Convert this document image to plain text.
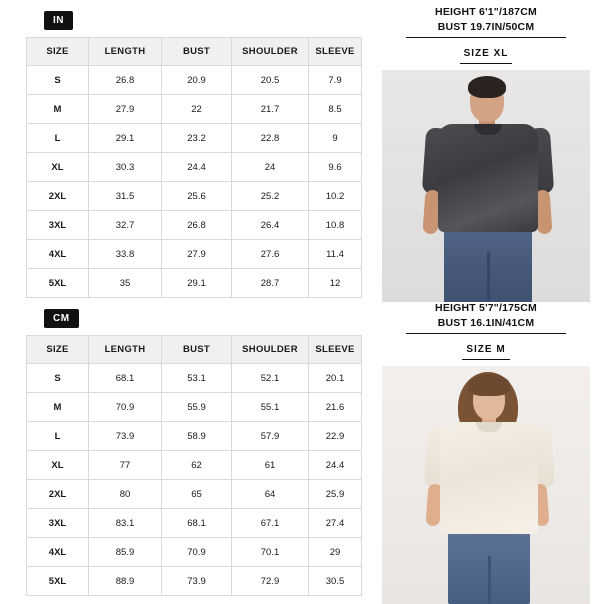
IN
SIZE	LENGTH	BUST	SHOULDER	SLEEVE
S	26.8	20.9	20.5	7.9
M	27.9	22	21.7	8.5
L	29.1	23.2	22.8	9
XL	30.3	24.4	24	9.6
2XL	31.5	25.6	25.2	10.2
3XL	32.7	26.8	26.4	10.8
4XL	33.8	27.9	27.6	11.4
5XL	35	29.1	28.7	12
CM
SIZE	LENGTH	BUST	SHOULDER	SLEEVE
S	68.1	53.1	52.1	20.1
M	70.9	55.9	55.1	21.6
L	73.9	58.9	57.9	22.9
XL	77	62	61	24.4
2XL	80	65	64	25.9
3XL	83.1	68.1	67.1	27.4
4XL	85.9	70.9	70.1	29
5XL	88.9	73.9	72.9	30.5
HEIGHT 6'1"/187CM
BUST 19.7IN/50CM
SIZE XL
HEIGHT 5'7"/175CM
BUST 16.1IN/41CM
SIZE M
